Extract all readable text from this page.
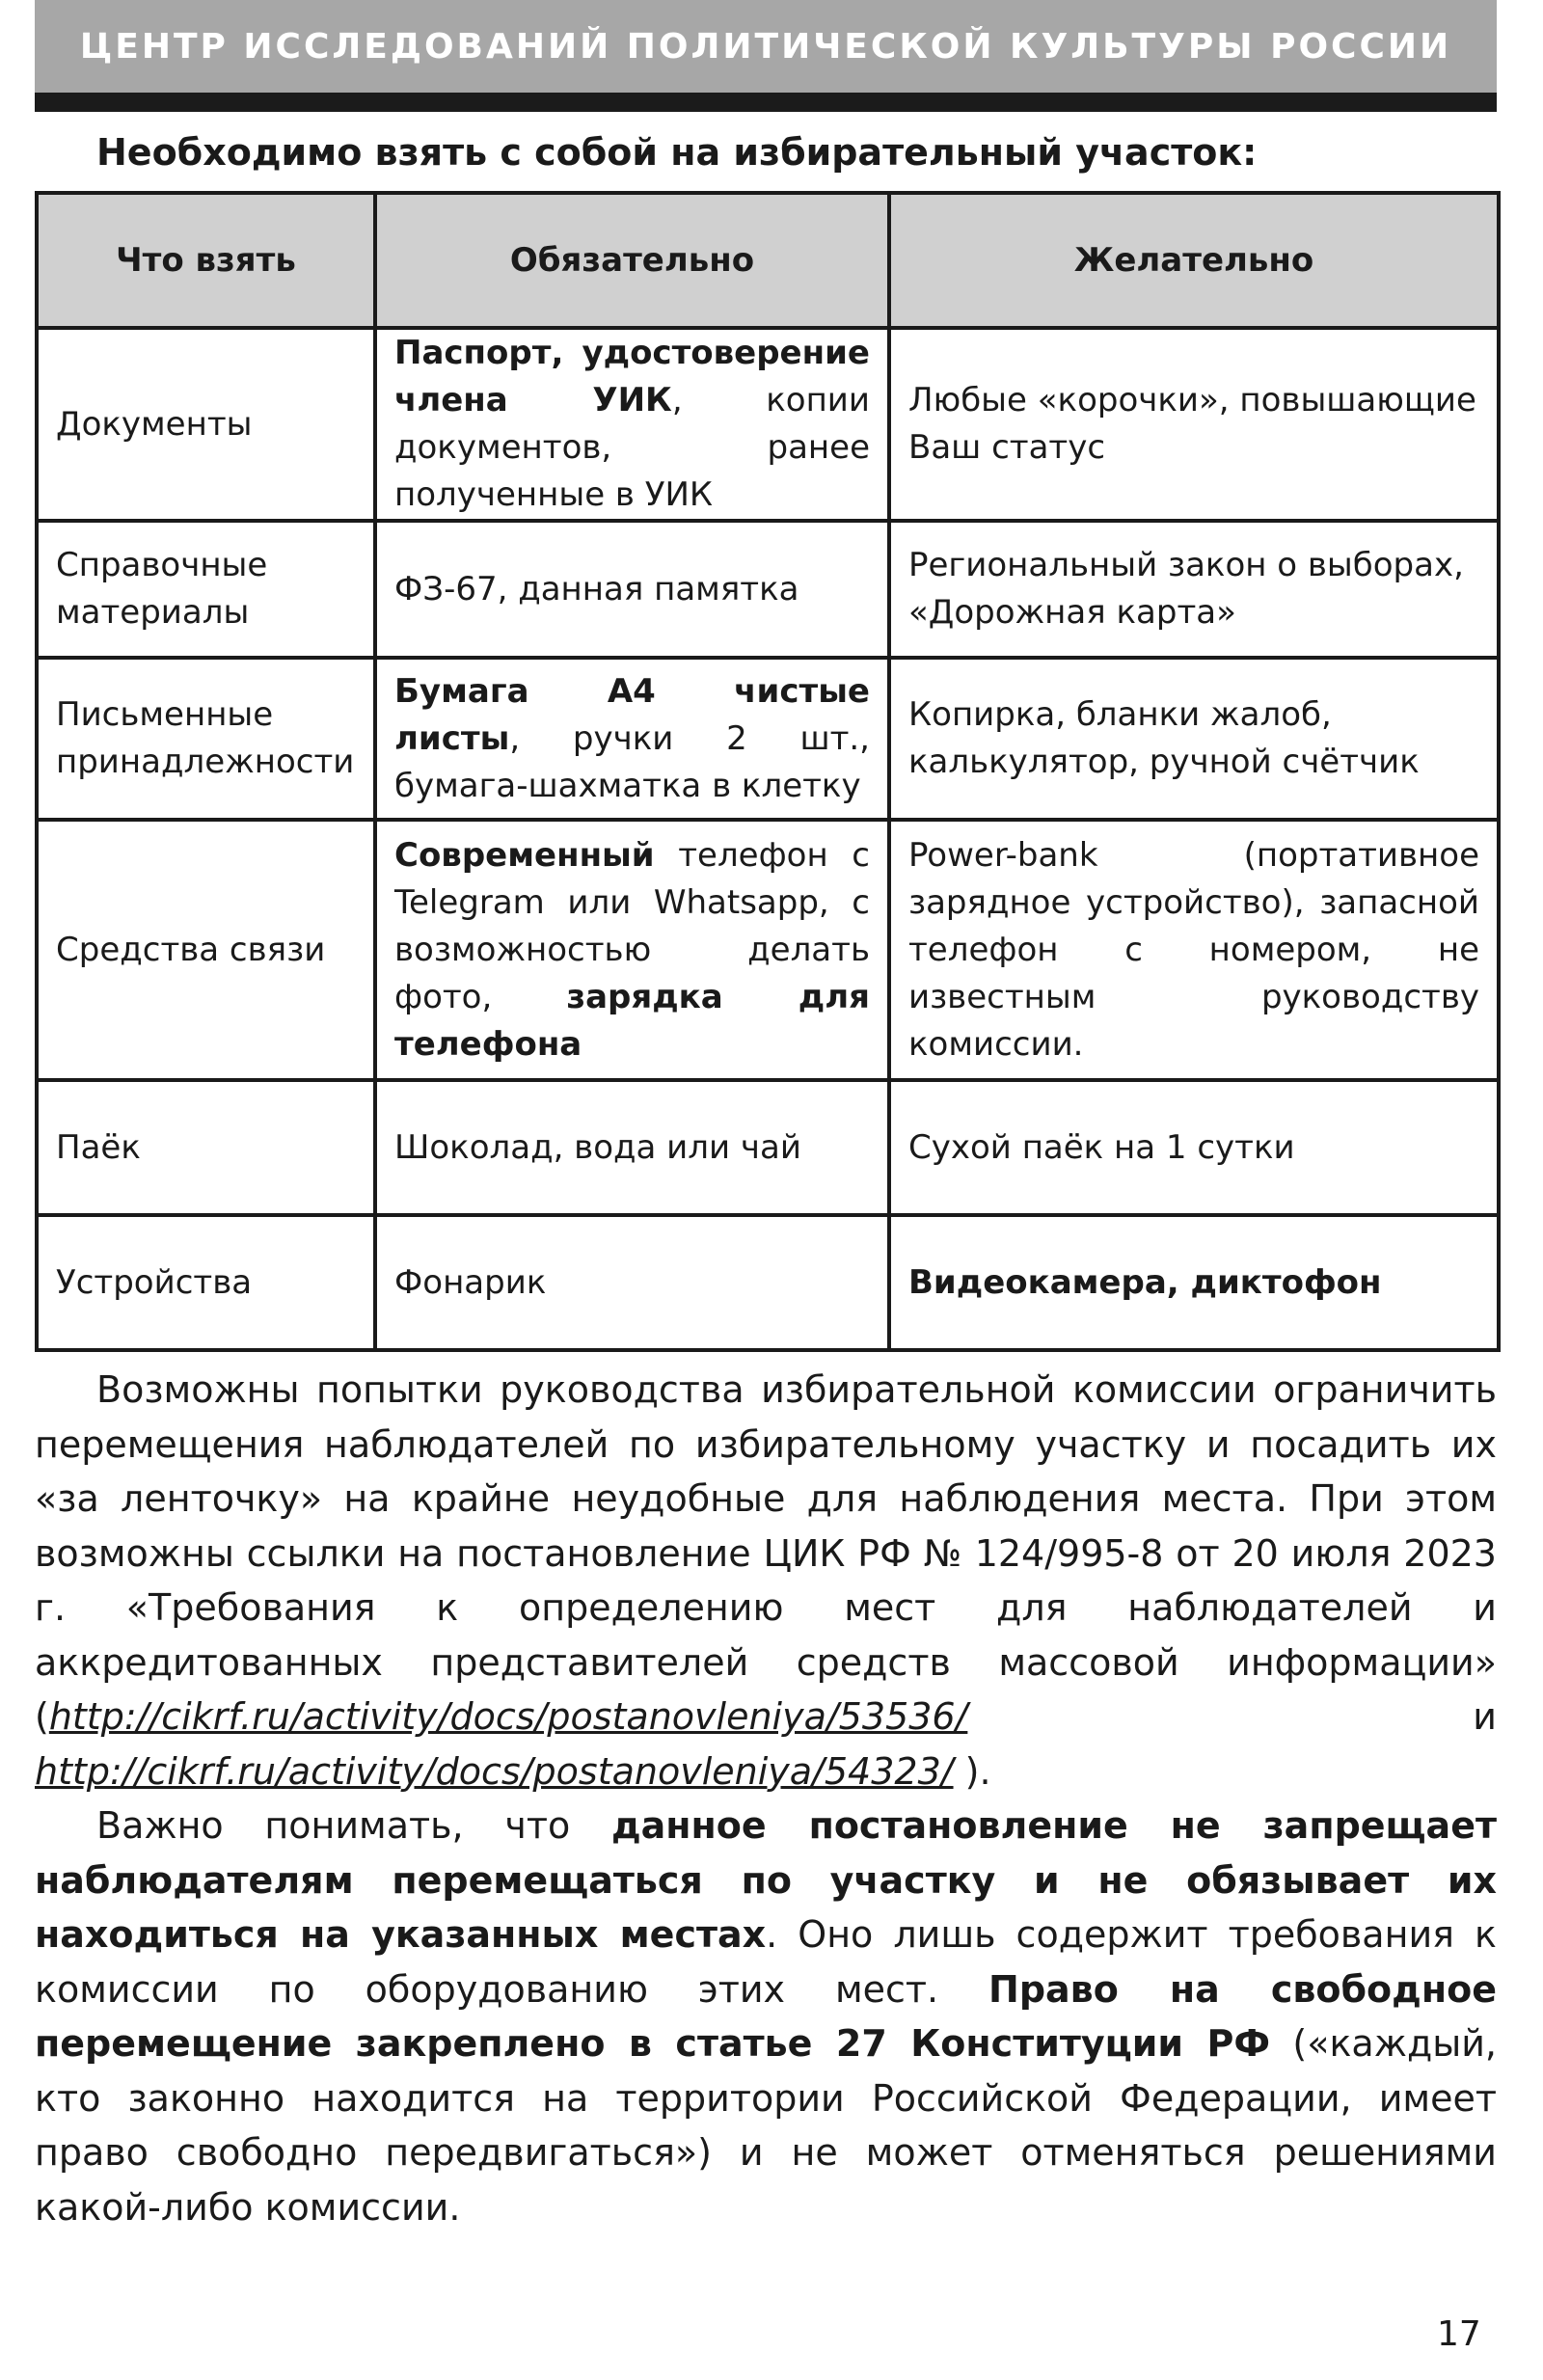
ЦЕНТР ИССЛЕДОВАНИЙ ПОЛИТИЧЕСКОЙ КУЛЬТУРЫ РОССИИ
Необходимо взять с собой на избирательный участок:
Что взять	Обязательно	Желательно
Документы	Паспорт, удостоверение члена УИК, копии документов, ранее полученные в УИК	Любые «корочки», повышающие Ваш статус
Справочные материалы	ФЗ-67, данная памятка	Региональный закон о выборах, «Дорожная карта»
Письменные принадлежности	Бумага А4 чистые листы, ручки 2 шт., бумага-шахматка в клетку	Копирка, бланки жалоб, калькулятор, ручной счётчик
Средства связи	Современный телефон с Telegram или Whatsapp, с возможностью делать фото, зарядка для телефона	Power-bank (портативное зарядное устройство), запасной телефон с номером, не известным руководству комиссии.
Паёк	Шоколад, вода или чай	Сухой паёк на 1 сутки
Устройства	Фонарик	Видеокамера, диктофон

Возможны попытки руководства избирательной комиссии ограничить перемещения наблюдателей по избирательному участку и посадить их «за ленточку» на крайне неудобные для наблюдения места. При этом возможны ссылки на постановление ЦИК РФ № 124/995-8 от 20 июля 2023 г. «Требования к определению мест для наблюдателей и аккредитованных представителей средств массовой информации» (http://cikrf.ru/activity/docs/postanovleniya/53536/ и http://cikrf.ru/activity/docs/postanovleniya/54323/ ).

Важно понимать, что данное постановление не запрещает наблюдателям перемещаться по участку и не обязывает их находиться на указанных местах. Оно лишь содержит требования к комиссии по оборудованию этих мест. Право на свободное перемещение закреплено в статье 27 Конституции РФ («каждый, кто законно находится на территории Российской Федерации, имеет право свободно передвигаться») и не может отменяться решениями какой-либо комиссии.

17
